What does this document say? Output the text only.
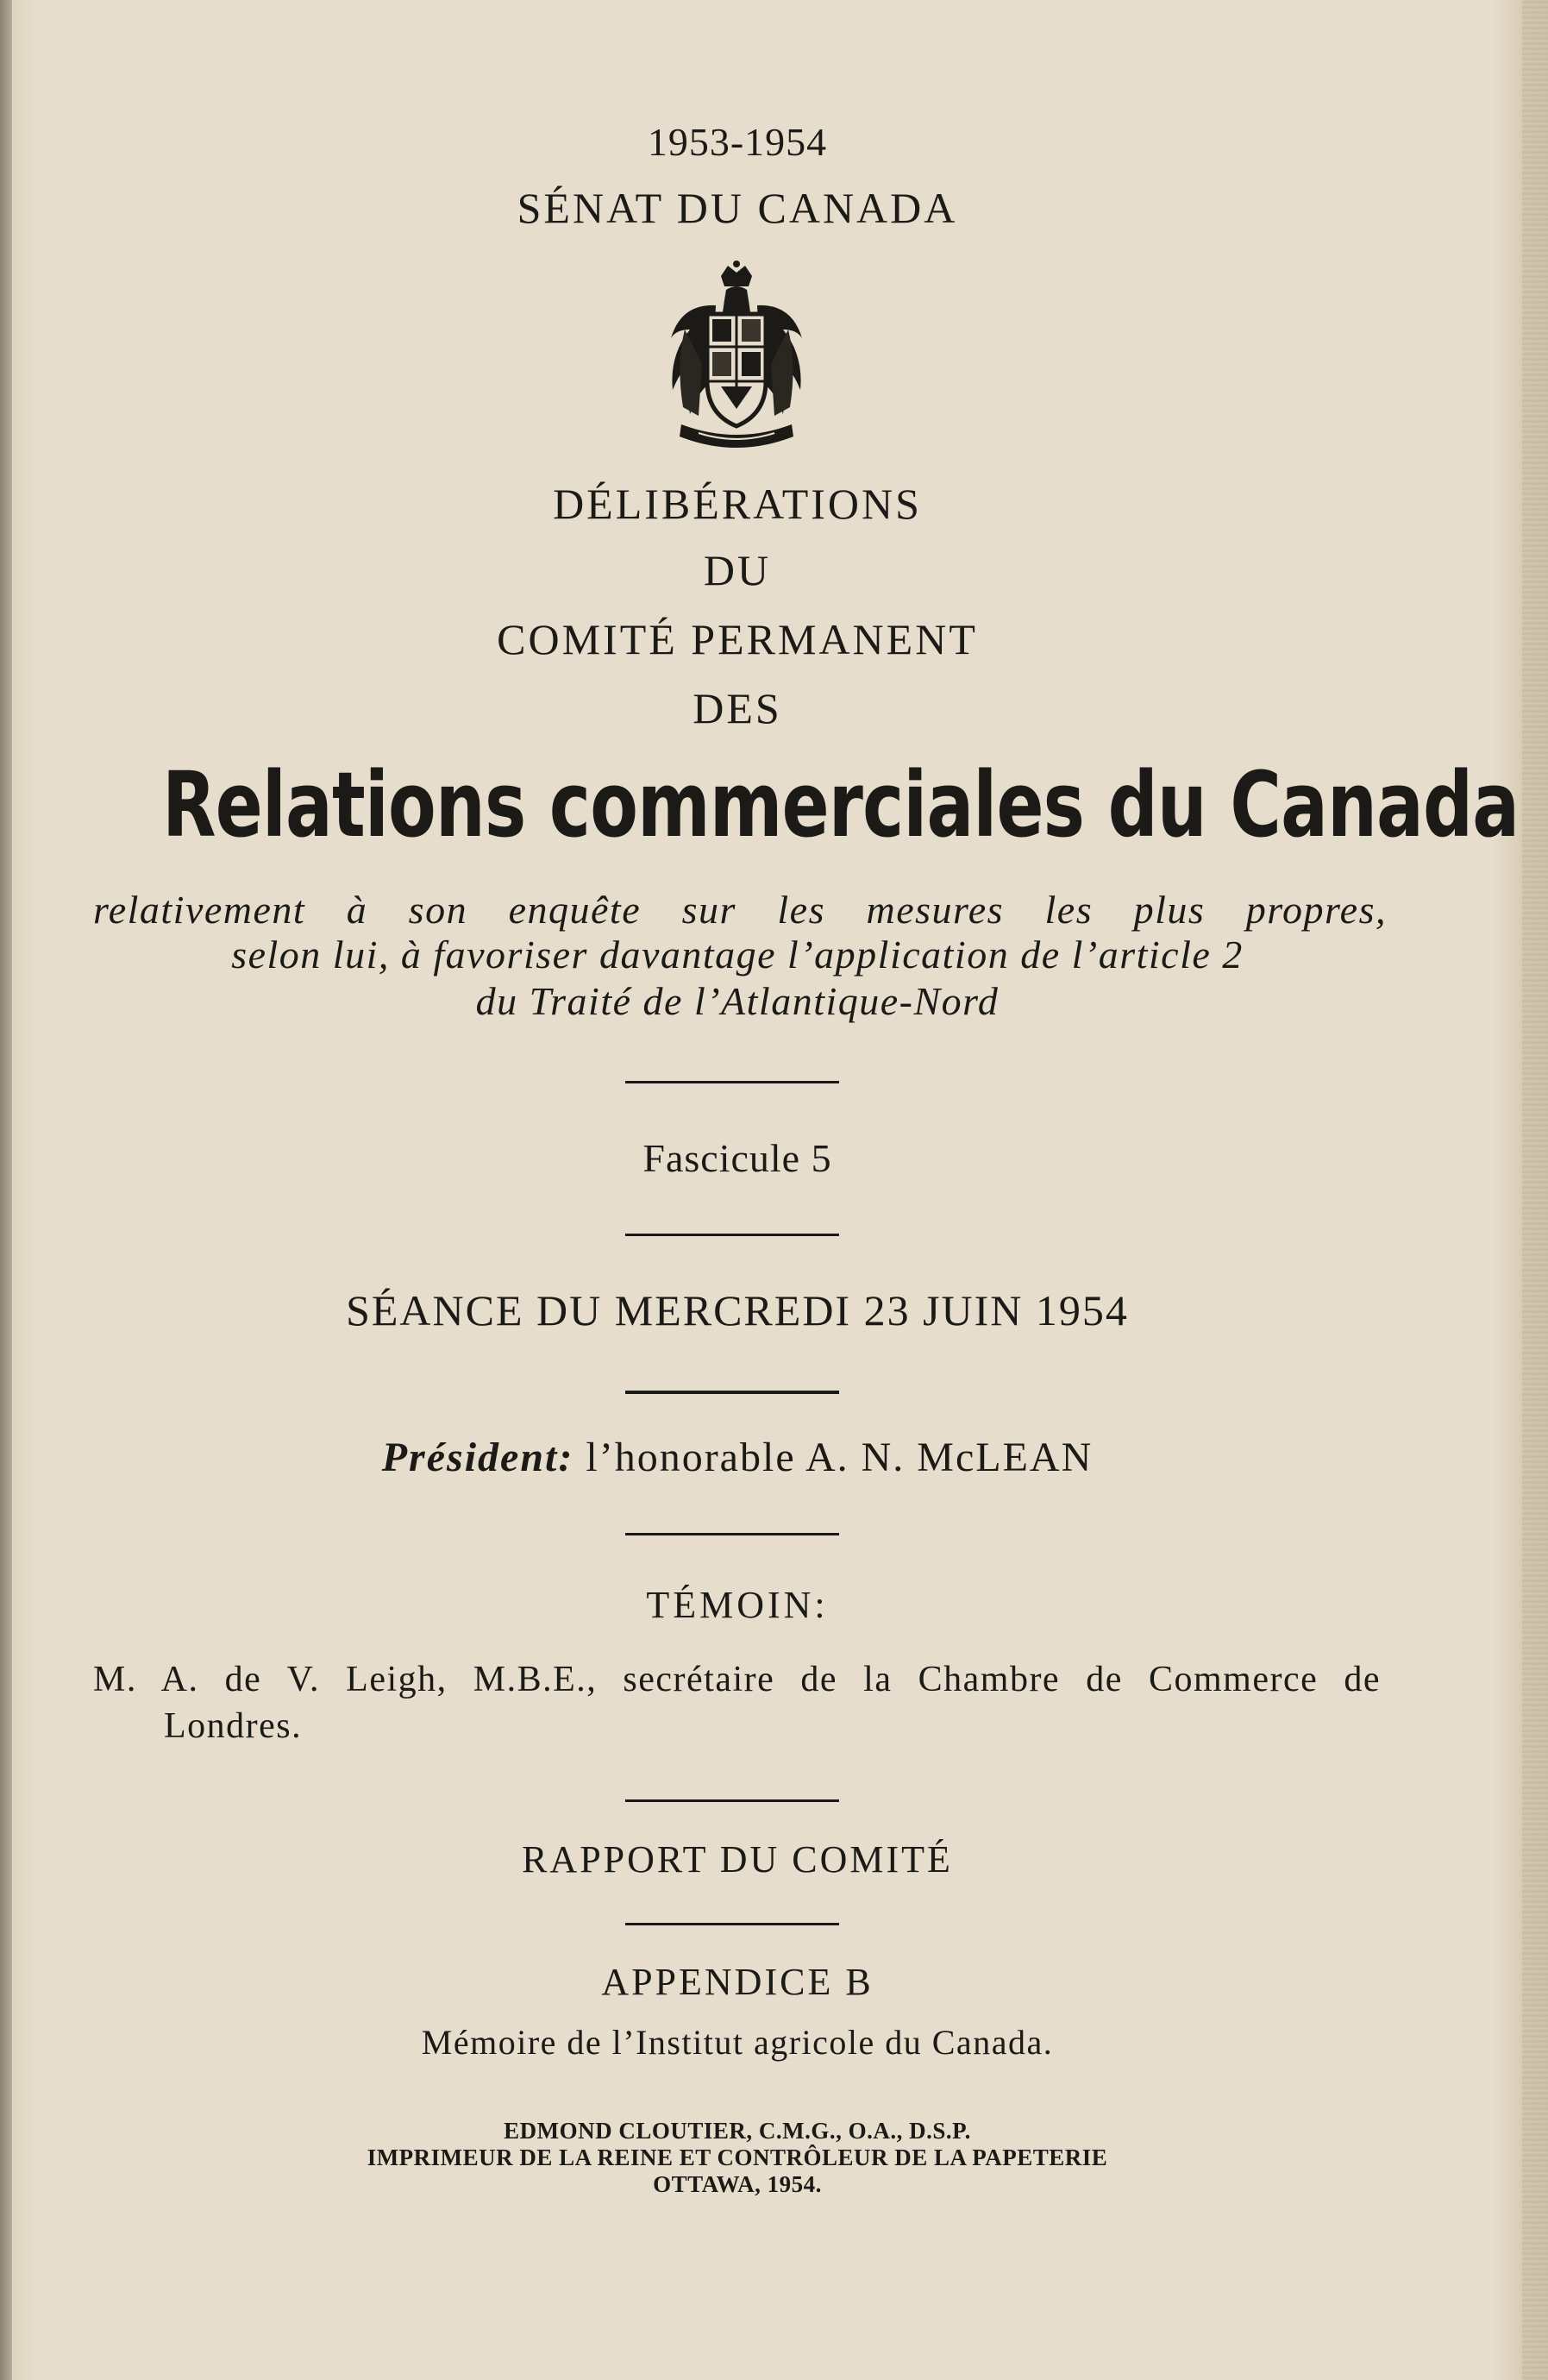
1953-1954
SÉNAT DU CANADA
DÉLIBÉRATIONS
DU
COMITÉ PERMANENT
DES
Relations commerciales du Canada
relativement à son enquête sur les mesures les plus propres,
selon lui, à favoriser davantage l’application de l’article 2
du Traité de l’Atlantique-Nord
Fascicule 5
SÉANCE DU MERCREDI 23 JUIN 1954
Président: l’honorable A. N. McLEAN
TÉMOIN:
M. A. de V. Leigh, M.B.E., secrétaire de la Chambre de Commerce de
Londres.
RAPPORT DU COMITÉ
APPENDICE B
Mémoire de l’Institut agricole du Canada.
EDMOND CLOUTIER, C.M.G., O.A., D.S.P.
IMPRIMEUR DE LA REINE ET CONTRÔLEUR DE LA PAPETERIE
OTTAWA, 1954.
